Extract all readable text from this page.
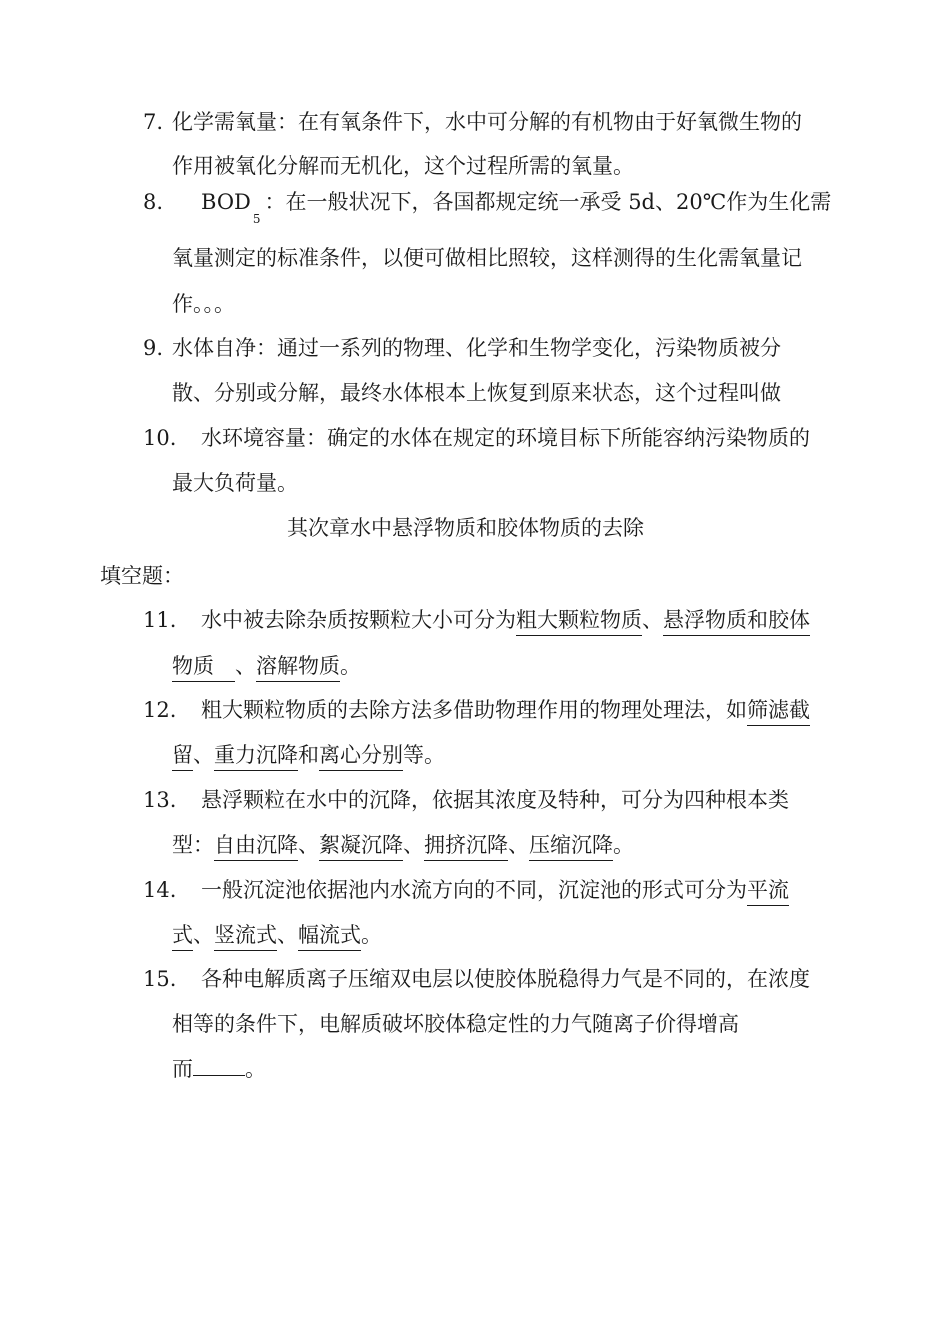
7. 化学需氧量：在有氧条件下，水中可分解的有机物由于好氧微生物的
作用被氧化分解而无机化，这个过程所需的氧量。
8. $BOD_5$：在一般状况下，各国都规定统一承受 5d、20℃作为生化需
氧量测定的标准条件，以便可做相比照较，这样测得的生化需氧量记
作。。。
9. 水体自净：通过一系列的物理、化学和生物学变化，污染物质被分
散、分别或分解，最终水体根本上恢复到原来状态，这个过程叫做
10. 水环境容量：确定的水体在规定的环境目标下所能容纳污染物质的
最大负荷量。
其次章水中悬浮物质和胶体物质的去除
填空题：
11. 水中被去除杂质按颗粒大小可分为粗大颗粒物质、悬浮物质和胶体
物质　、溶解物质。
12. 粗大颗粒物质的去除方法多借助物理作用的物理处理法，如筛滤截
留、重力沉降和离心分别等。
13. 悬浮颗粒在水中的沉降，依据其浓度及特种，可分为四种根本类
型：自由沉降、絮凝沉降、拥挤沉降、压缩沉降。
14. 一般沉淀池依据池内水流方向的不同，沉淀池的形式可分为平流
式、竖流式、幅流式。
15. 各种电解质离子压缩双电层以使胶体脱稳得力气是不同的，在浓度
相等的条件下，电解质破坏胶体稳定性的力气随离子价得增高
而 。
